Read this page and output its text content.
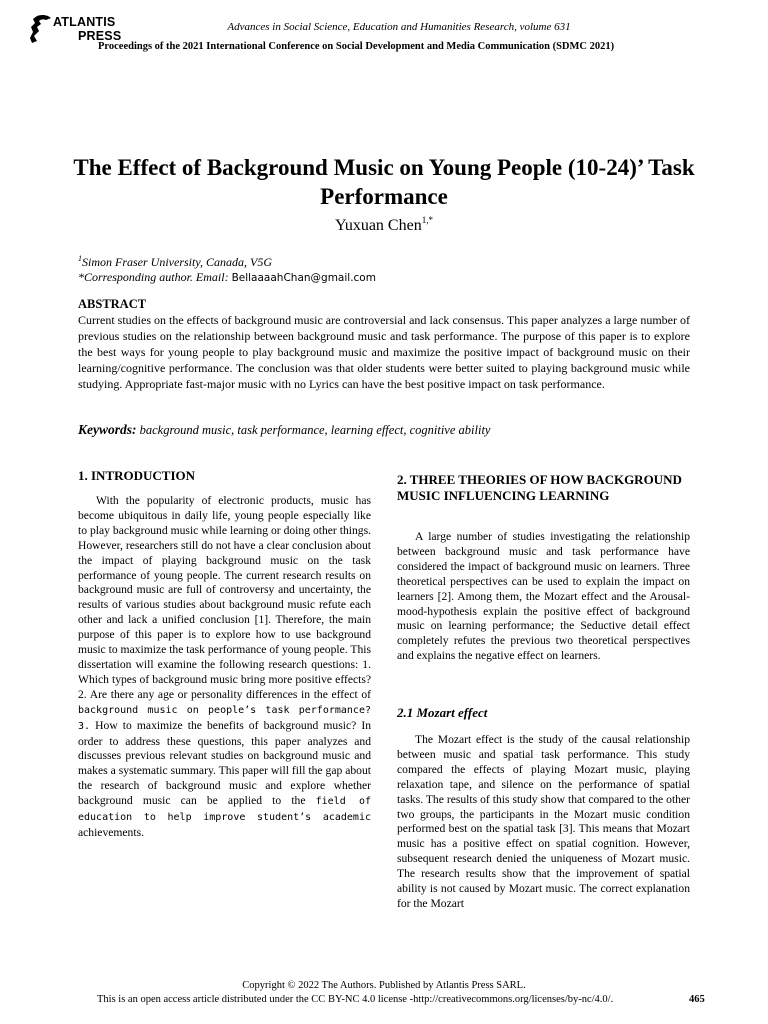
ATLANTIS
PRESS
Advances in Social Science, Education and Humanities Research, volume 631
Proceedings of the 2021 International Conference on Social Development and Media Communication (SDMC 2021)
The Effect of Background Music on Young People (10-24)’ Task Performance
Yuxuan Chen$^{1,*}$
$^1$Simon Fraser University, Canada, V5G
*Corresponding author. Email: BellaaaahChan@gmail.com
ABSTRACT

Current studies on the effects of background music are controversial and lack consensus. This paper analyzes a large number of previous studies on the relationship between background music and task performance. The purpose of this paper is to explore the best ways for young people to play background music and maximize the positive impact of background music on their learning/cognitive performance. The conclusion was that older students were better suited to playing background music while studying. Appropriate fast-major music with no Lyrics can have the best positive impact on task performance.

Keywords: background music, task performance, learning effect, cognitive ability
1. INTRODUCTION

With the popularity of electronic products, music has become ubiquitous in daily life, young people especially like to play background music while learning or doing other things. However, researchers still do not have a clear conclusion about the impact of playing background music on the task performance of young people. The current research results on background music are full of controversy and uncertainty, the results of various studies about background music refute each other and lack a unified conclusion [1]. Therefore, the main purpose of this paper is to explore how to use background music to maximize the task performance of young people. This dissertation will examine the following research questions: 1. Which types of background music bring more positive effects? 2. Are there any age or personality differences in the effect of background music on people’s task performance? 3. How to maximize the benefits of background music? In order to address these questions, this paper analyzes and discusses previous relevant studies on background music and makes a systematic summary. This paper will fill the gap about the research of background music and explore whether background music can be applied to the field of education to help improve student’s academic achievements.

2. THREE THEORIES OF HOW BACKGROUND MUSIC INFLUENCING LEARNING

A large number of studies investigating the relationship between background music and task performance have considered the impact of background music on learners. Three theoretical perspectives can be used to explain the impact on learners [2]. Among them, the Mozart effect and the Arousal-mood-hypothesis explain the positive effect of background music on learning performance; the Seductive detail effect completely refutes the previous two theoretical perspectives and explains the negative effect on learners.

2.1 Mozart effect

The Mozart effect is the study of the causal relationship between music and spatial task performance. This study compared the effects of playing Mozart music, playing relaxation tape, and silence on the performance of spatial tasks. The results of this study show that compared to the other two groups, the participants in the Mozart music condition performed best on the spatial task [3]. This means that Mozart music has a positive effect on spatial cognition. However, subsequent research denied the uniqueness of Mozart music. The research results show that the improvement of spatial ability is not caused by Mozart music. The correct explanation for the Mozart

Copyright © 2022 The Authors. Published by Atlantis Press SARL.
This is an open access article distributed under the CC BY-NC 4.0 license -http://creativecommons.org/licenses/by-nc/4.0/.	465
